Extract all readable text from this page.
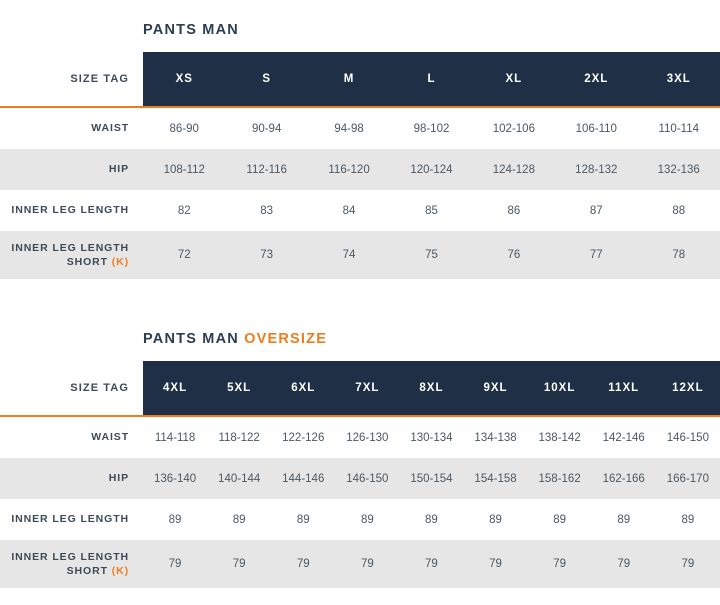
PANTS MAN
SIZE TAG	XS	S	M	L	XL	2XL	3XL

WAIST	86-90	90-94	94-98	98-102	102-106	106-110	110-114
HIP	108-112	112-116	116-120	120-124	124-128	128-132	132-136
INNER LEG LENGTH	82	83	84	85	86	87	88
INNER LEG LENGTH
SHORT (K)	72	73	74	75	76	77	78
PANTS MAN OVERSIZE
SIZE TAG	4XL	5XL	6XL	7XL	8XL	9XL	10XL	11XL	12XL

WAIST	114-118	118-122	122-126	126-130	130-134	134-138	138-142	142-146	146-150
HIP	136-140	140-144	144-146	146-150	150-154	154-158	158-162	162-166	166-170
INNER LEG LENGTH	89	89	89	89	89	89	89	89	89
INNER LEG LENGTH
SHORT (K)	79	79	79	79	79	79	79	79	79
